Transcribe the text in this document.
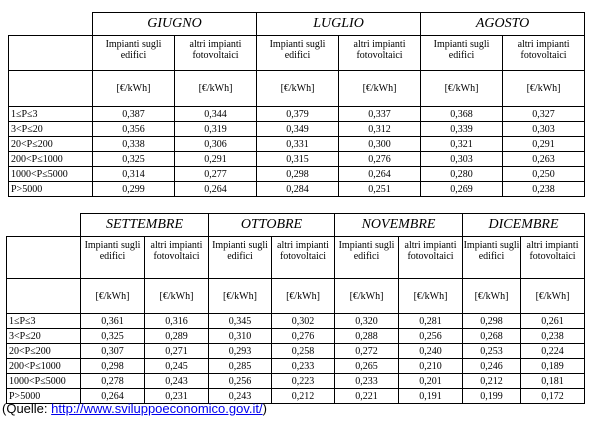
	GIUGNO		LUGLIO		AGOSTO	
	Impianti sugli edifici	altri impianti fotovoltaici	Impianti sugli edifici	altri impianti fotovoltaici	Impianti sugli edifici	altri impianti fotovoltaici
	[€/kWh]	[€/kWh]	[€/kWh]	[€/kWh]	[€/kWh]	[€/kWh]
1≤P≤3	0,387	0,344	0,379	0,337	0,368	0,327
3<P≤20	0,356	0,319	0,349	0,312	0,339	0,303
20<P≤200	0,338	0,306	0,331	0,300	0,321	0,291
200<P≤1000	0,325	0,291	0,315	0,276	0,303	0,263
1000<P≤5000	0,314	0,277	0,298	0,264	0,280	0,250
P>5000	0,299	0,264	0,284	0,251	0,269	0,238
	SETTEMBRE		OTTOBRE		NOVEMBRE		DICEMBRE	
	Impianti sugli edifici	altri impianti fotovoltaici	Impianti sugli edifici	altri impianti fotovoltaici	Impianti sugli edifici	altri impianti fotovoltaici	Impianti sugli edifici	altri impianti fotovoltaici
	[€/kWh]	[€/kWh]	[€/kWh]	[€/kWh]	[€/kWh]	[€/kWh]	[€/kWh]	[€/kWh]
1≤P≤3	0,361	0,316	0,345	0,302	0,320	0,281	0,298	0,261
3<P≤20	0,325	0,289	0,310	0,276	0,288	0,256	0,268	0,238
20<P≤200	0,307	0,271	0,293	0,258	0,272	0,240	0,253	0,224
200<P≤1000	0,298	0,245	0,285	0,233	0,265	0,210	0,246	0,189
1000<P≤5000	0,278	0,243	0,256	0,223	0,233	0,201	0,212	0,181
P>5000	0,264	0,231	0,243	0,212	0,221	0,191	0,199	0,172
(Quelle: http://www.sviluppoeconomico.gov.it/)
